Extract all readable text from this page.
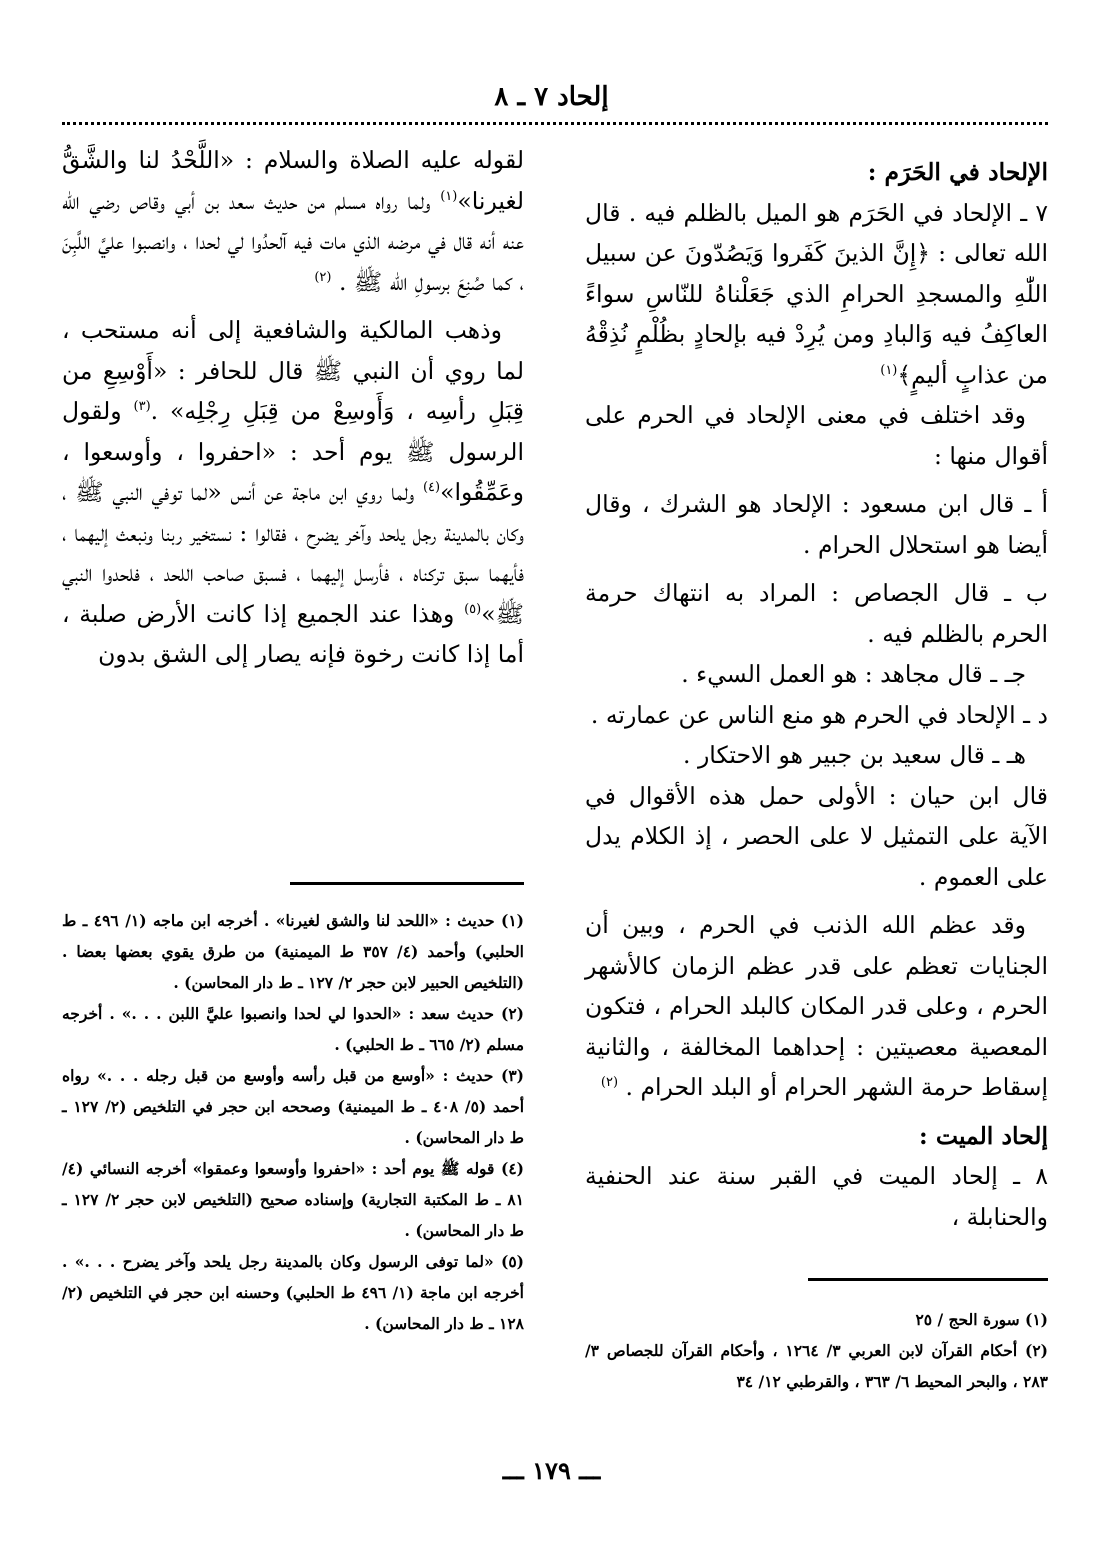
إلحاد ٧ ـ ٨

الإلحاد في الحَرَم :

٧ ـ الإلحاد في الحَرَم هو الميل بالظلم فيه . قال الله تعالى : ﴿إِنَّ الذينَ كَفَروا وَيَصُدّونَ عن سبيل اللّٰهِ والمسجدِ الحرامِ الذي جَعَلْناهُ للنّاسِ سواءً العاكِفُ فيه وَالبادِ ومن يُرِدْ فيه بإلحادٍ بظُلْمٍ نُذِقْهُ من عذابٍ أليمٍ﴾$^{(١)}$

وقد اختلف في معنى الإلحاد في الحرم على أقوال منها :

أ ـ قال ابن مسعود : الإلحاد هو الشرك ، وقال أيضا هو استحلال الحرام .

ب ـ قال الجصاص : المراد به انتهاك حرمة الحرم بالظلم فيه .

جـ ـ قال مجاهد : هو العمل السيء .

د ـ الإلحاد في الحرم هو منع الناس عن عمارته .

هـ ـ قال سعيد بن جبير هو الاحتكار .

قال ابن حيان : الأولى حمل هذه الأقوال في الآية على التمثيل لا على الحصر ، إذ الكلام يدل على العموم .

وقد عظم الله الذنب في الحرم ، وبين أن الجنايات تعظم على قدر عظم الزمان كالأشهر الحرم ، وعلى قدر المكان كالبلد الحرام ، فتكون المعصية معصيتين : إحداهما المخالفة ، والثانية إسقاط حرمة الشهر الحرام أو البلد الحرام . $^{(٢)}$

إلحاد الميت :

٨ ـ إلحاد الميت في القبر سنة عند الحنفية والحنابلة ،

لقوله عليه الصلاة والسلام : «اللَّحْدُ لنا والشَّقُّ لغيرنا»$^{(١)}$ ولما رواه مسلم من حديث سعد بن أبي وقاص رضي الله عنه أنه قال في مرضه الذي مات فيه آلحدُوا لي لحدا ، وانصبوا عليَّ اللَّبِنَ ، كما صُنِعَ برسولِ الله ﷺ . $^{(٢)}$

وذهب المالكية والشافعية إلى أنه مستحب ، لما روي أن النبي ﷺ قال للحافر : «أَوْسِعِ من قِبَلِ رأسِه ، وَأَوسِعْ من قِبَلِ رِجْلِه» .$^{(٣)}$ ولقول الرسول ﷺ يوم أحد : «احفروا ، وأوسعوا ، وعَمِّقُوا»$^{(٤)}$ ولما روي ابن ماجة عن أنس «لما توفي النبي ﷺ ، وكان بالمدينة رجل يلحد وآخر يضرح ، فقالوا : نستخير ربنا ونبعث إليهما ، فأيهما سبق تركناه ، فأرسل إليهما ، فسبق صاحب اللحد ، فلحدوا النبي ﷺ»$^{(٥)}$ وهذا عند الجميع إذا كانت الأرض صلبة ، أما إذا كانت رخوة فإنه يصار إلى الشق بدون

(١) حديث : «اللحد لنا والشق لغيرنا» . أخرجه ابن ماجه (١/ ٤٩٦ ـ ط الحلبي) وأحمد (٤/ ٣٥٧ ط الميمنية) من طرق يقوي بعضها بعضا . (التلخيص الحبير لابن حجر ٢/ ١٢٧ ـ ط دار المحاسن) .

(٢) حديث سعد : «الحدوا لي لحدا وانصبوا عليَّ اللبن . . .» . أخرجه مسلم (٢/ ٦٦٥ ـ ط الحلبي) .

(٣) حديث : «أوسع من قبل رأسه وأوسع من قبل رجله . . .» رواه أحمد (٥/ ٤٠٨ ـ ط الميمنية) وصححه ابن حجر في التلخيص (٢/ ١٢٧ ـ ط دار المحاسن) .

(٤) قوله ﷺ يوم أحد : «احفروا وأوسعوا وعمقوا» أخرجه النسائي (٤/ ٨١ ـ ط المكتبة التجارية) وإسناده صحيح (التلخيص لابن حجر ٢/ ١٢٧ ـ ط دار المحاسن) .

(٥) «لما توفى الرسول وكان بالمدينة رجل يلحد وآخر يضرح . . .» . أخرجه ابن ماجة (١/ ٤٩٦ ط الحلبي) وحسنه ابن حجر في التلخيص (٢/ ١٢٨ ـ ط دار المحاسن) .	(١) سورة الحج / ٢٥

(٢) أحكام القرآن لابن العربي ٣/ ١٢٦٤ ، وأحكام القرآن للجصاص ٣/ ٢٨٣ ، والبحر المحيط ٦/ ٣٦٣ ، والقرطبي ١٢/ ٣٤

ـــ ١٧٩ ـــ
